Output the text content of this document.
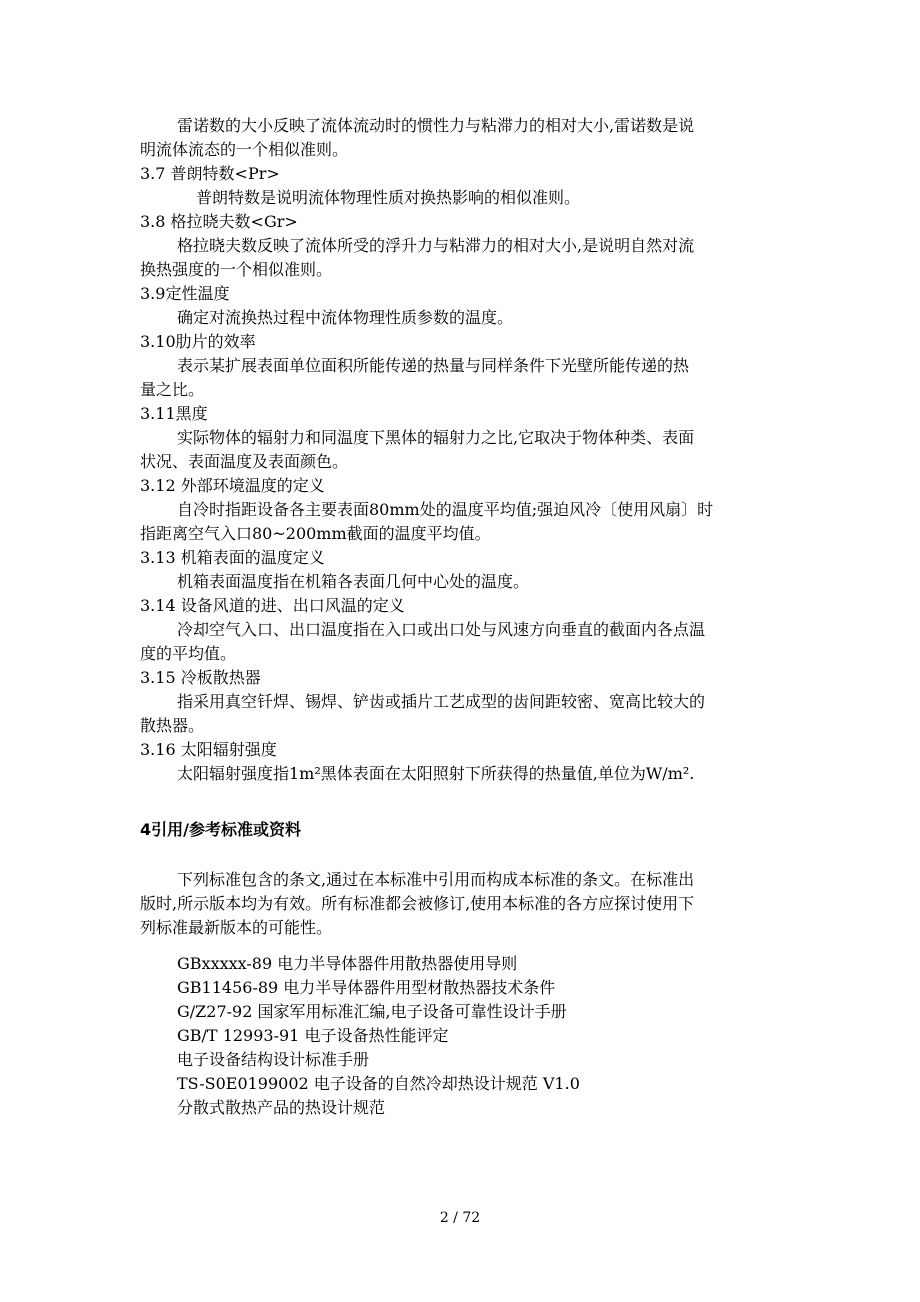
雷诺数的大小反映了流体流动时的惯性力与粘滞力的相对大小,雷诺数是说
明流体流态的一个相似准则。
3.7 普朗特数<Pr>
普朗特数是说明流体物理性质对换热影响的相似准则。
3.8 格拉晓夫数<Gr>
格拉晓夫数反映了流体所受的浮升力与粘滞力的相对大小,是说明自然对流
换热强度的一个相似准则。
3.9定性温度
确定对流换热过程中流体物理性质参数的温度。
3.10肋片的效率
表示某扩展表面单位面积所能传递的热量与同样条件下光壁所能传递的热
量之比。
3.11黑度
实际物体的辐射力和同温度下黑体的辐射力之比,它取决于物体种类、表面
状况、表面温度及表面颜色。
3.12 外部环境温度的定义
自冷时指距设备各主要表面80mm处的温度平均值;强迫风冷〔使用风扇〕时
指距离空气入口80~200mm截面的温度平均值。
3.13 机箱表面的温度定义
机箱表面温度指在机箱各表面几何中心处的温度。
3.14 设备风道的进、出口风温的定义
冷却空气入口、出口温度指在入口或出口处与风速方向垂直的截面内各点温
度的平均值。
3.15 冷板散热器
指采用真空钎焊、锡焊、铲齿或插片工艺成型的齿间距较密、宽高比较大的
散热器。
3.16 太阳辐射强度
太阳辐射强度指1m²黑体表面在太阳照射下所获得的热量值,单位为W/m².
4引用/参考标准或资料
下列标准包含的条文,通过在本标准中引用而构成本标准的条文。在标准出
版时,所示版本均为有效。所有标准都会被修订,使用本标准的各方应探讨使用下
列标准最新版本的可能性。
GBxxxxx-89 电力半导体器件用散热器使用导则
GB11456-89 电力半导体器件用型材散热器技术条件
G/Z27-92 国家军用标准汇编,电子设备可靠性设计手册
GB/T 12993-91 电子设备热性能评定
电子设备结构设计标准手册
TS-S0E0199002 电子设备的自然冷却热设计规范 V1.0
分散式散热产品的热设计规范
2 / 72
